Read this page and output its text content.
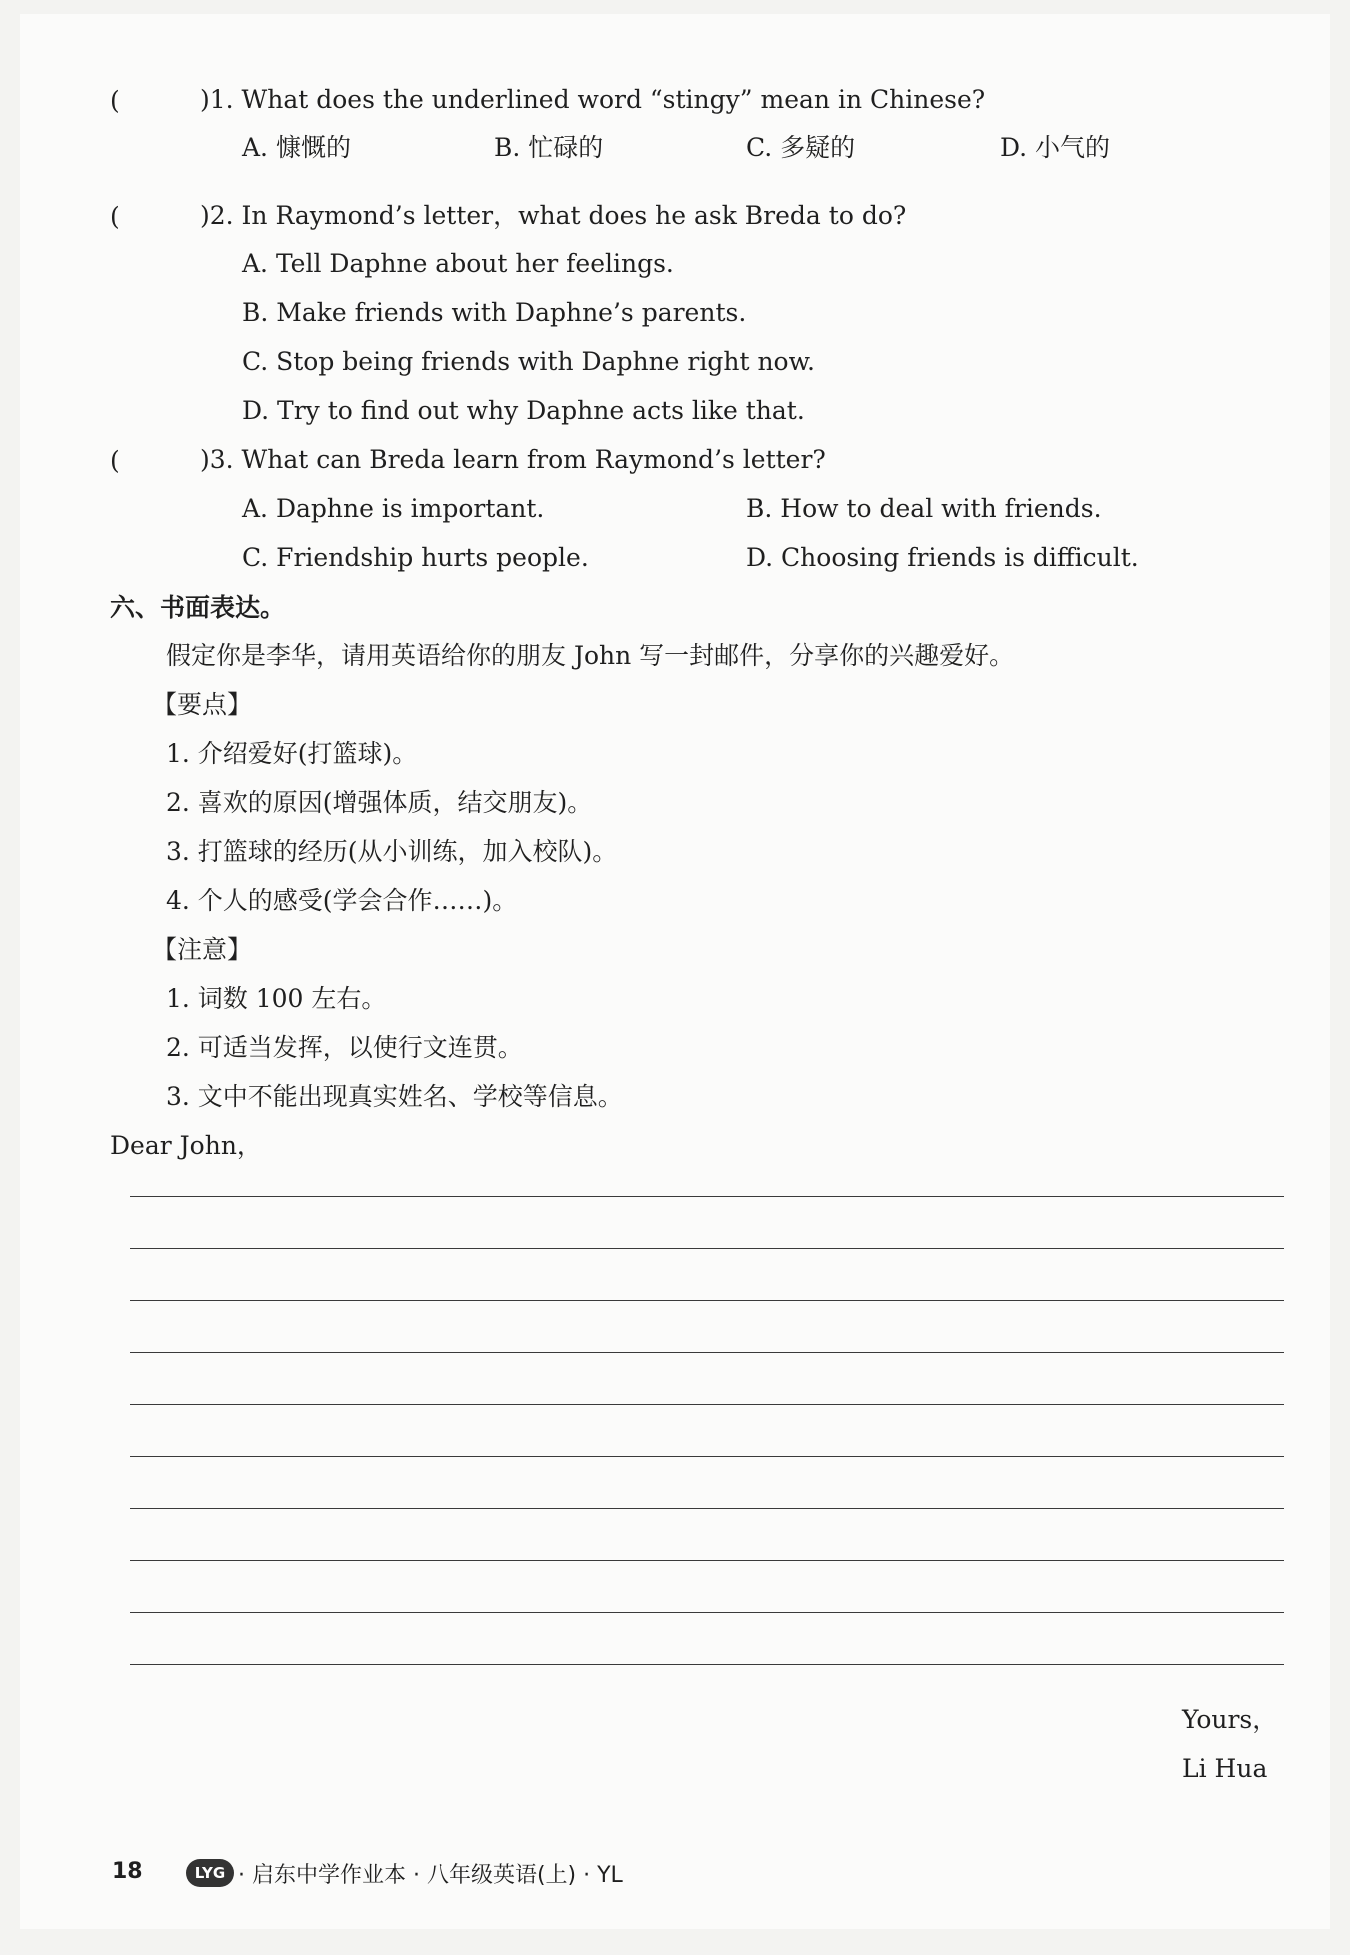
(	)1. What does the underlined word “stingy” mean in Chinese?
A. 慷慨的	B. 忙碌的	C. 多疑的	D. 小气的
(	)2. In Raymond’s letter，what does he ask Breda to do?
A. Tell Daphne about her feelings.
B. Make friends with Daphne’s parents.
C. Stop being friends with Daphne right now.
D. Try to find out why Daphne acts like that.
(	)3. What can Breda learn from Raymond’s letter?
A. Daphne is important.	B. How to deal with friends.
C. Friendship hurts people.	D. Choosing friends is difficult.
六、书面表达。
假定你是李华，请用英语给你的朋友 John 写一封邮件，分享你的兴趣爱好。
【要点】
1. 介绍爱好(打篮球)。
2. 喜欢的原因(增强体质，结交朋友)。
3. 打篮球的经历(从小训练，加入校队)。
4. 个人的感受(学会合作……)。
【注意】
1. 词数 100 左右。
2. 可适当发挥，以使行文连贯。
3. 文中不能出现真实姓名、学校等信息。
Dear John，
Yours，
Li Hua
18	LYG · 启东中学作业本 · 八年级英语(上) · YL
